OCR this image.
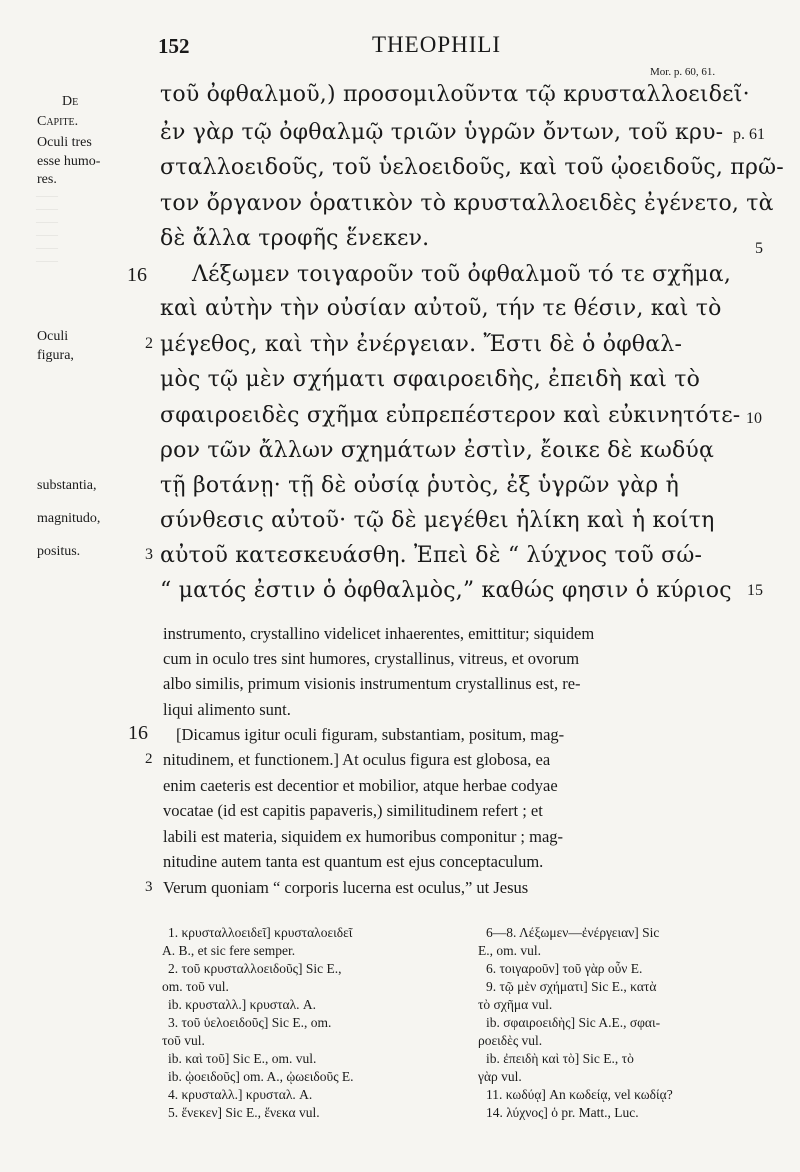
152	THEOPHILI
Mor. p. 60, 61.
——
——
——
——
——
——
De
Capite.
Oculi tres
esse humo-
res.
Oculi
figura,
substantia,
magnitudo,
positus.
τοῦ ὀφθαλμοῦ,) προσομιλοῦντα τῷ κρυσταλλοειδεῖ·
ἐν γὰρ τῷ ὀφθαλμῷ τριῶν ὑγρῶν ὄντων, τοῦ κρυ-
σταλλοειδοῦς, τοῦ ὑελοειδοῦς, καὶ τοῦ ᾠοειδοῦς, πρῶ-
τον ὄργανον ὁρατικὸν τὸ κρυσταλλοειδὲς ἐγένετο, τὰ
δὲ ἄλλα τροφῆς ἕνεκεν.
Λέξωμεν τοιγαροῦν τοῦ ὀφθαλμοῦ τό τε σχῆμα,
καὶ αὐτὴν τὴν οὐσίαν αὐτοῦ, τήν τε θέσιν, καὶ τὸ
μέγεθος, καὶ τὴν ἐνέργειαν. Ἔστι δὲ ὁ ὀφθαλ-
μὸς τῷ μὲν σχήματι σφαιροειδὴς, ἐπειδὴ καὶ τὸ
σφαιροειδὲς σχῆμα εὐπρεπέστερον καὶ εὐκινητότε-
ρον τῶν ἄλλων σχημάτων ἐστὶν, ἔοικε δὲ κωδύᾳ
τῇ βοτάνῃ· τῇ δὲ οὐσίᾳ ῥυτὸς, ἐξ ὑγρῶν γὰρ ἡ
σύνθεσις αὐτοῦ· τῷ δὲ μεγέθει ἡλίκη καὶ ἡ κοίτη
αὐτοῦ κατεσκευάσθη. Ἐπεὶ δὲ “ λύχνος τοῦ σώ-
“ ματός ἐστιν ὁ ὀφθαλμὸς,” καθώς φησιν ὁ κύριος
16
2
3
p. 61
5
10
15
instrumento, crystallino videlicet inhaerentes, emittitur; siquidem
cum in oculo tres sint humores, crystallinus, vitreus, et ovorum
albo similis, primum visionis instrumentum crystallinus est, re-
liqui alimento sunt.
[Dicamus igitur oculi figuram, substantiam, positum, mag-
nitudinem, et functionem.] At oculus figura est globosa, ea
enim caeteris est decentior et mobilior, atque herbae codyae
vocatae (id est capitis papaveris,) similitudinem refert ; et
labili est materia, siquidem ex humoribus componitur ; mag-
nitudine autem tanta est quantum est ejus conceptaculum.
Verum quoniam “ corporis lucerna est oculus,” ut Jesus
16
2
3
1. κρυσταλλοειδεῖ] κρυσταλοειδεῖ
A. B., et sic fere semper.
2. τοῦ κρυσταλλοειδοῦς] Sic E.,
om. τοῦ vul.
ib. κρυσταλλ.] κρυσταλ. A.
3. τοῦ ὑελοειδοῦς] Sic E., om.
τοῦ vul.
ib. καὶ τοῦ] Sic E., om. vul.
ib. ᾠοειδοῦς] om. A., ᾠωειδοῦς E.
4. κρυσταλλ.] κρυσταλ. A.
5. ἕνεκεν] Sic E., ἕνεκα vul.
6—8. Λέξωμεν—ἐνέργειαν] Sic
E., om. vul.
6. τοιγαροῦν] τοῦ γὰρ οὖν E.
9. τῷ μὲν σχήματι] Sic E., κατὰ
τὸ σχῆμα vul.
ib. σφαιροειδὴς] Sic A.E., σφαι-
ροειδὲς vul.
ib. ἐπειδὴ καὶ τὸ] Sic E., τὸ
γὰρ vul.
11. κωδύᾳ] An κωδείᾳ, vel κωδίᾳ?
14. λύχνος] ὁ pr. Matt., Luc.
